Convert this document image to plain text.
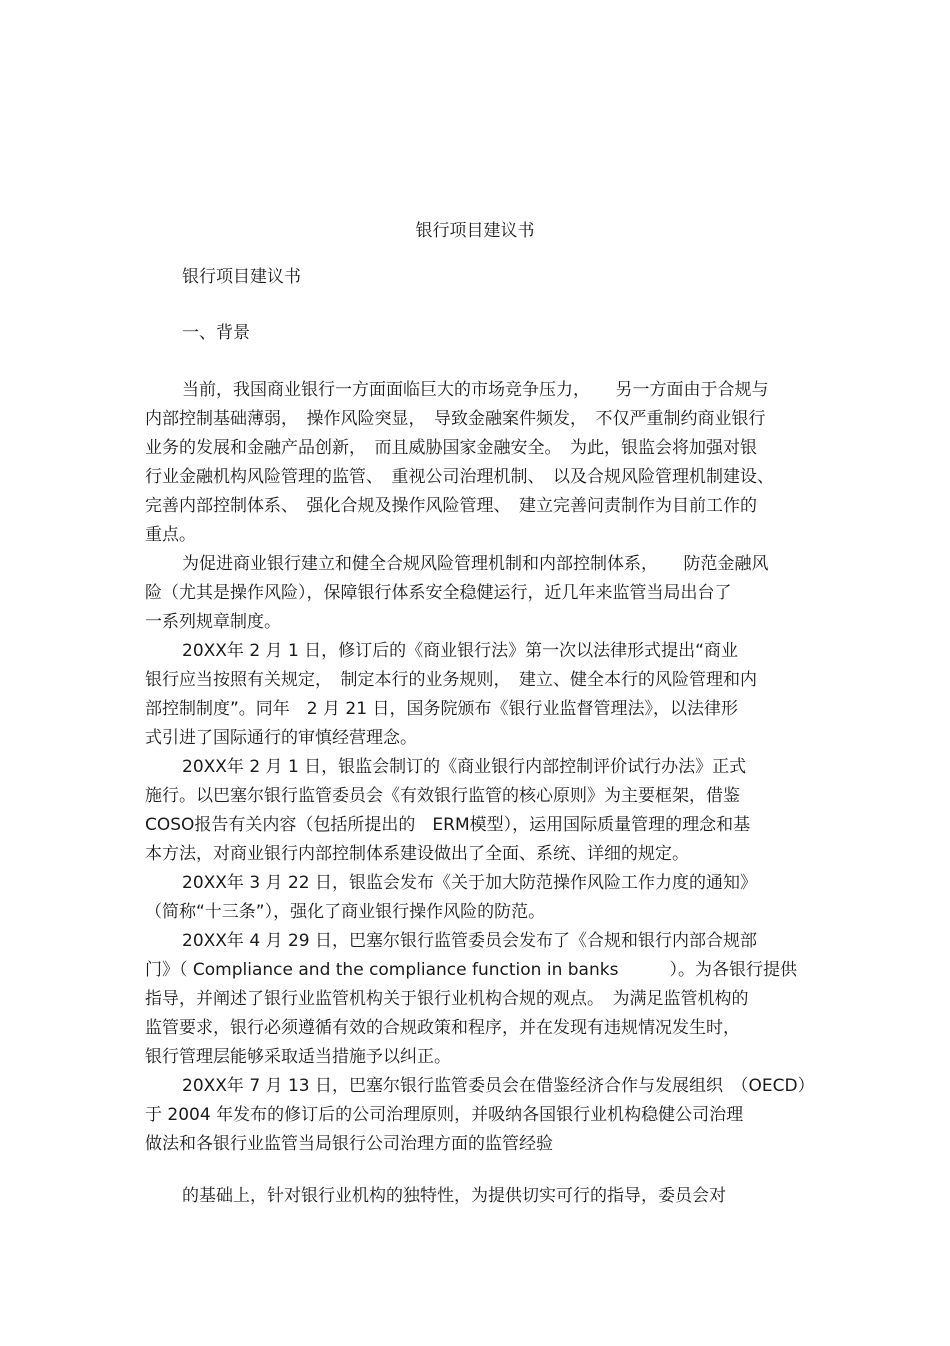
银行项目建议书
银行项目建议书
一、背景

当前，我国商业银行一方面面临巨大的市场竞争压力，　　另一方面由于合规与
内部控制基础薄弱，　操作风险突显，　导致金融案件频发，　不仅严重制约商业银行
业务的发展和金融产品创新，　而且威胁国家金融安全。　为此，银监会将加强对银
行业金融机构风险管理的监管、　重视公司治理机制、　以及合规风险管理机制建设、
完善内部控制体系、　强化合规及操作风险管理、　建立完善问责制作为目前工作的
重点。

为促进商业银行建立和健全合规风险管理机制和内部控制体系，　　防范金融风
险（尤其是操作风险），保障银行体系安全稳健运行，近几年来监管当局出台了
一系列规章制度。

20XX年 2 月 1 日，修订后的《商业银行法》第一次以法律形式提出“商业
银行应当按照有关规定，　制定本行的业务规则，　建立、健全本行的风险管理和内
部控制制度”。同年　2 月 21 日，国务院颁布《银行业监督管理法》，以法律形
式引进了国际通行的审慎经营理念。

20XX年 2 月 1 日，银监会制订的《商业银行内部控制评价试行办法》正式
施行。以巴塞尔银行监管委员会《有效银行监管的核心原则》为主要框架，借鉴
COSO报告有关内容（包括所提出的　ERM模型），运用国际质量管理的理念和基
本方法，对商业银行内部控制体系建设做出了全面、系统、详细的规定。

20XX年 3 月 22 日，银监会发布《关于加大防范操作风险工作力度的通知》
（简称“十三条”），强化了商业银行操作风险的防范。

20XX年 4 月 29 日，巴塞尔银行监管委员会发布了《合规和银行内部合规部
门》（ Compliance and the compliance function in banks　　　）。为各银行提供
指导，并阐述了银行业监管机构关于银行业机构合规的观点。　为满足监管机构的
监管要求，银行必须遵循有效的合规政策和程序，并在发现有违规情况发生时，
银行管理层能够采取适当措施予以纠正。

20XX年 7 月 13 日，巴塞尔银行监管委员会在借鉴经济合作与发展组织　（OECD）
于 2004 年发布的修订后的公司治理原则，并吸纳各国银行业机构稳健公司治理
做法和各银行业监管当局银行公司治理方面的监管经验

的基础上，针对银行业机构的独特性，为提供切实可行的指导，委员会对
